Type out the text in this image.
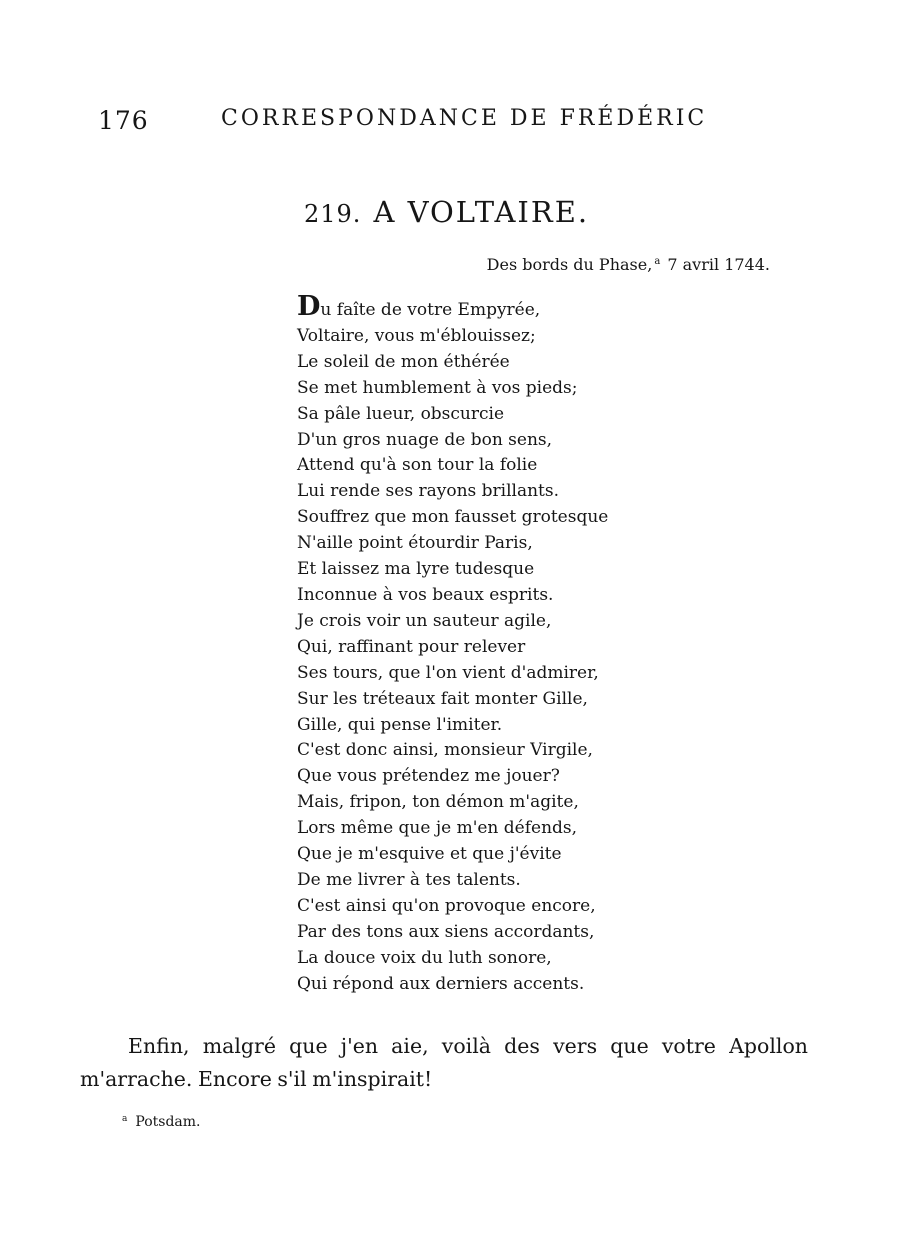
176	CORRESPONDANCE DE FRÉDÉRIC
219. A VOLTAIRE.
Des bords du Phase, $^a$ 7 avril 1744.
Du faîte de votre Empyrée,
Voltaire, vous m'éblouissez;
Le soleil de mon éthérée
Se met humblement à vos pieds;
Sa pâle lueur, obscurcie
D'un gros nuage de bon sens,
Attend qu'à son tour la folie
Lui rende ses rayons brillants.
Souffrez que mon fausset grotesque
N'aille point étourdir Paris,
Et laissez ma lyre tudesque
Inconnue à vos beaux esprits.
Je crois voir un sauteur agile,
Qui, raffinant pour relever
Ses tours, que l'on vient d'admirer,
Sur les tréteaux fait monter Gille,
Gille, qui pense l'imiter.
C'est donc ainsi, monsieur Virgile,
Que vous prétendez me jouer?
Mais, fripon, ton démon m'agite,
Lors même que je m'en défends,
Que je m'esquive et que j'évite
De me livrer à tes talents.
C'est ainsi qu'on provoque encore,
Par des tons aux siens accordants,
La douce voix du luth sonore,
Qui répond aux derniers accents.

Enfin, malgré que j'en aie, voilà des vers que votre Apollon m'arrache. Encore s'il m'inspirait!

$^a$ Potsdam.
